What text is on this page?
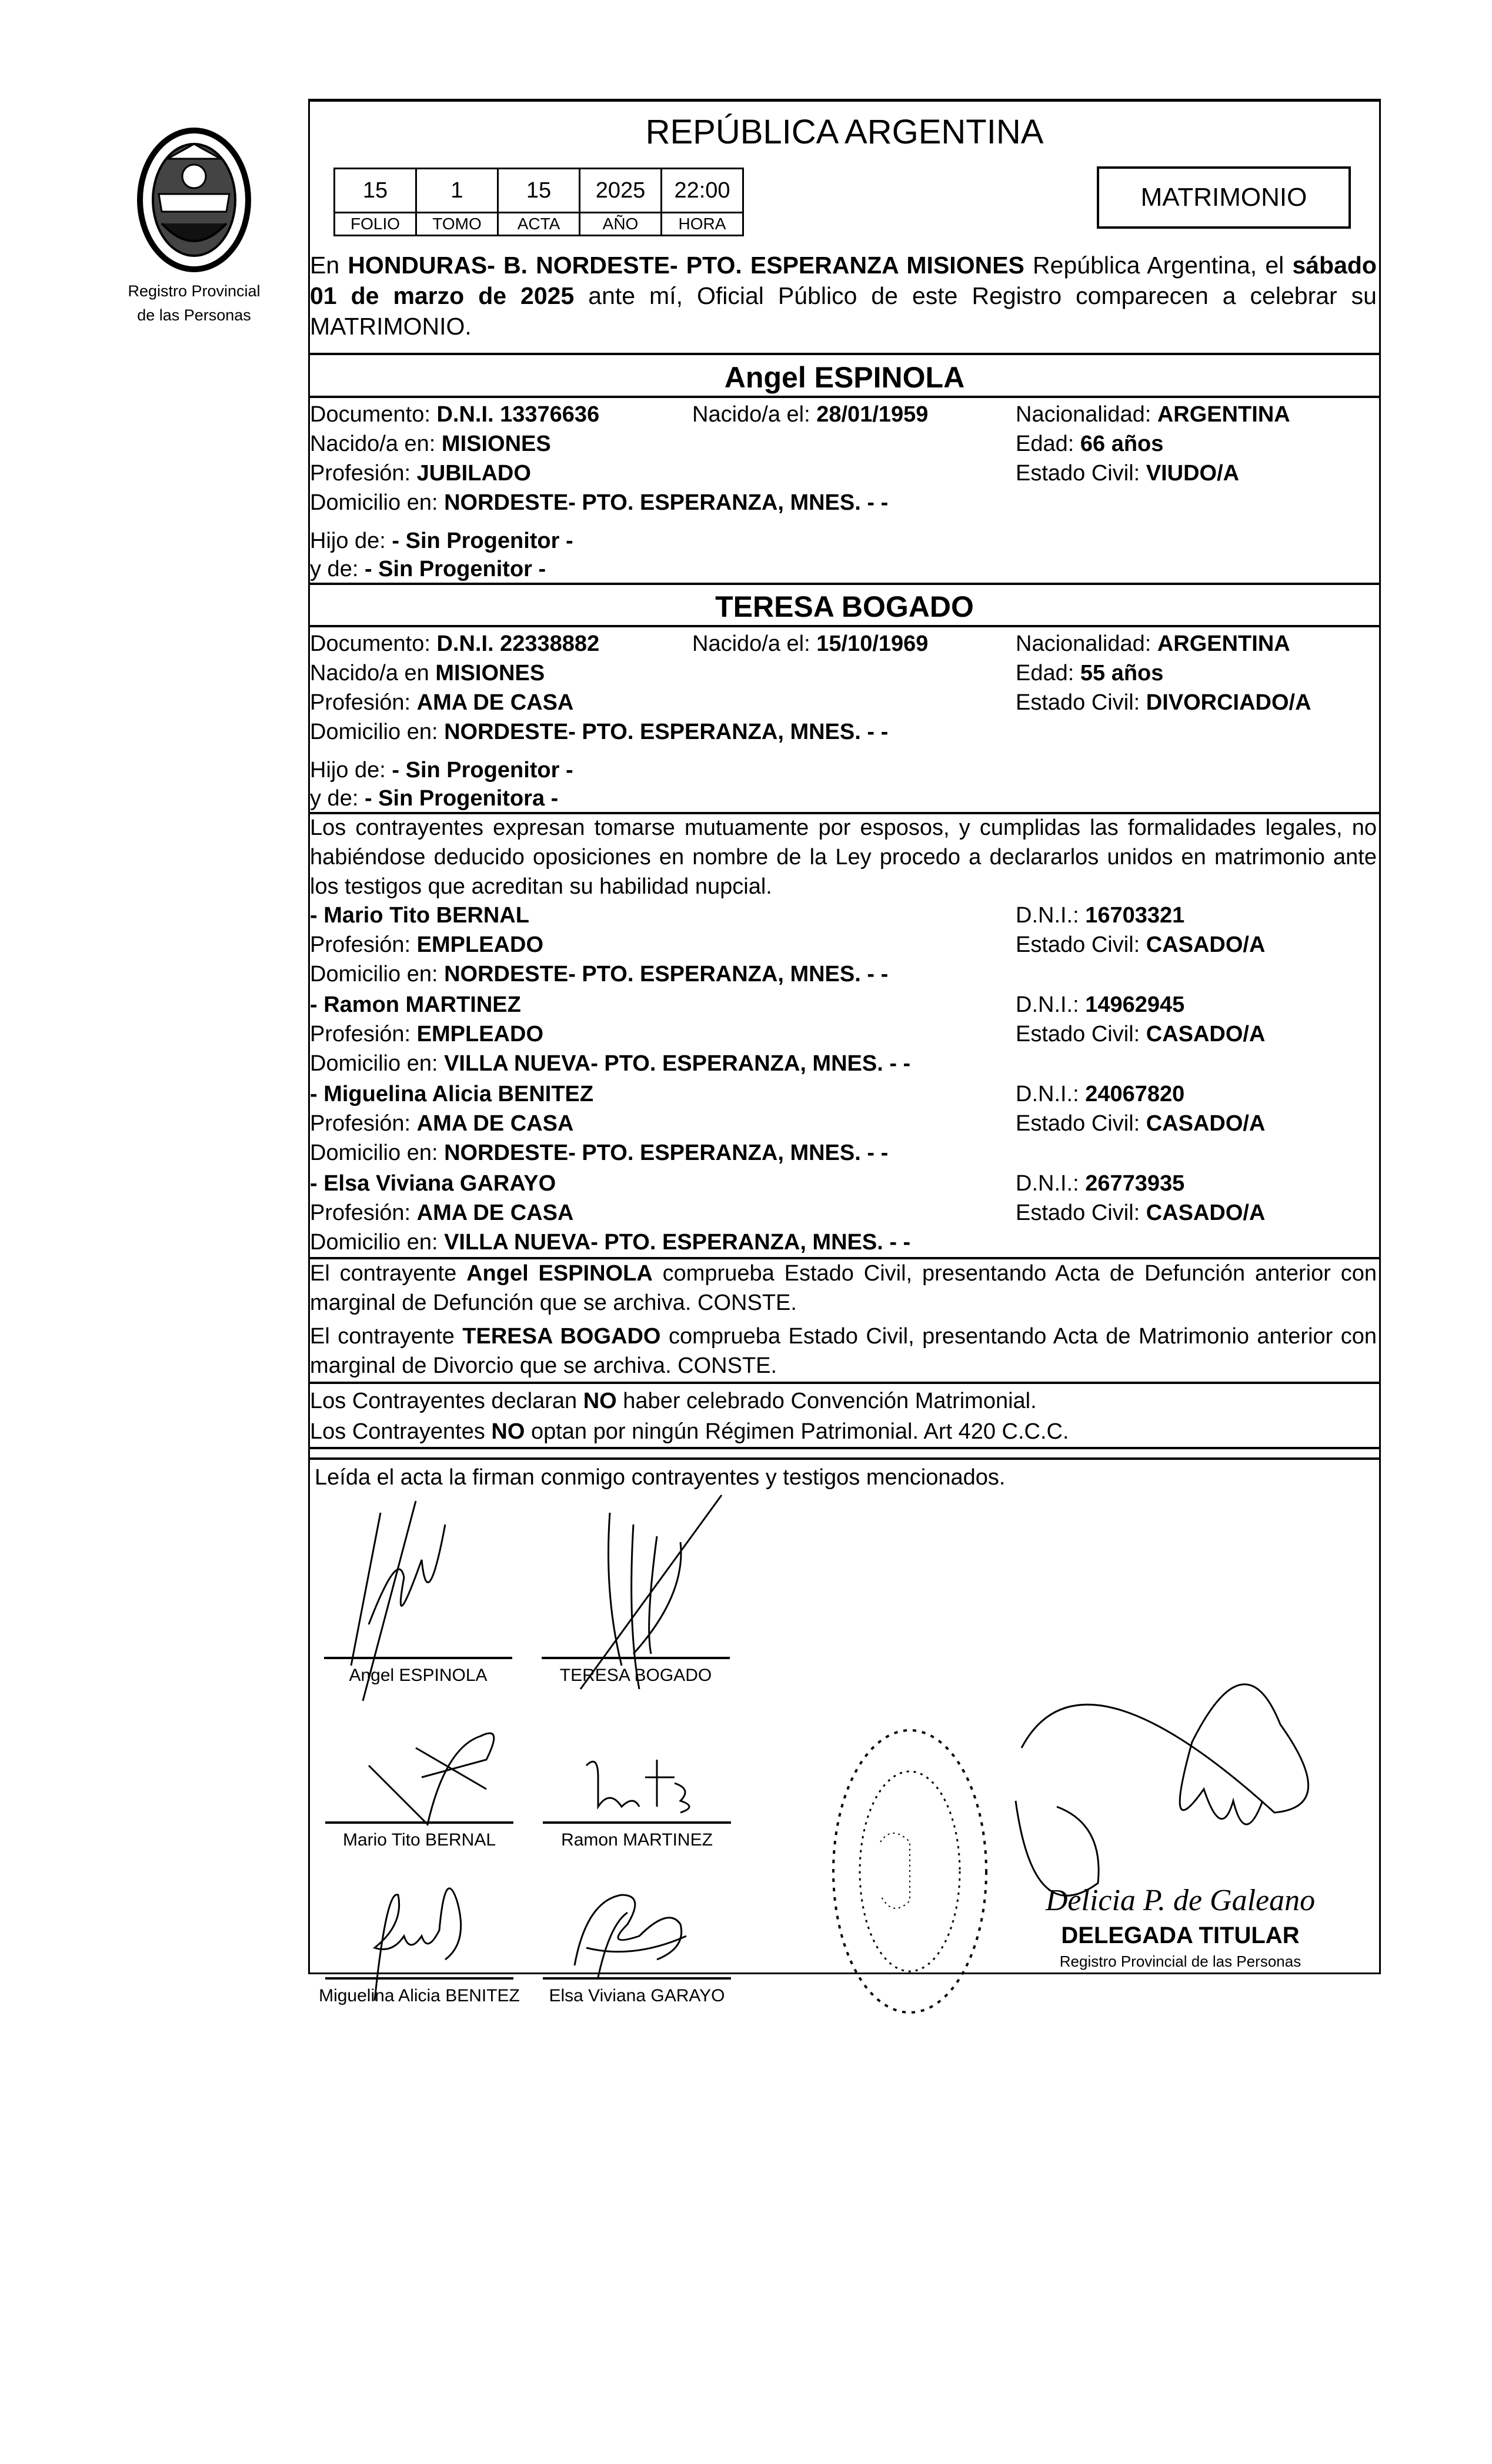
Registro Provincial
de las Personas
REPÚBLICA ARGENTINA
15	1	15	2025	22:00
FOLIO	TOMO	ACTA	AÑO	HORA
MATRIMONIO
En HONDURAS- B. NORDESTE- PTO. ESPERANZA MISIONES República Argentina, el sábado 01 de marzo de 2025 ante mí, Oficial Público de este Registro comparecen a celebrar su MATRIMONIO.
Angel ESPINOLA
Documento: D.N.I. 13376636	Nacido/a el: 28/01/1959	Nacionalidad: ARGENTINA
Nacido/a en: MISIONES	Edad: 66 años
Profesión: JUBILADO	Estado Civil: VIUDO/A
Domicilio en: NORDESTE- PTO. ESPERANZA, MNES. - -
Hijo de: - Sin Progenitor -
y de: - Sin Progenitor -
TERESA BOGADO
Documento: D.N.I. 22338882	Nacido/a el: 15/10/1969	Nacionalidad: ARGENTINA
Nacido/a en MISIONES	Edad: 55 años
Profesión: AMA DE CASA	Estado Civil: DIVORCIADO/A
Domicilio en: NORDESTE- PTO. ESPERANZA, MNES. - -
Hijo de: - Sin Progenitor -
y de: - Sin Progenitora -
Los contrayentes expresan tomarse mutuamente por esposos, y cumplidas las formalidades legales, no habiéndose deducido oposiciones en nombre de la Ley procedo a declararlos unidos en matrimonio ante los testigos que acreditan su habilidad nupcial.
- Mario Tito BERNAL	D.N.I.: 16703321
Profesión: EMPLEADO	Estado Civil: CASADO/A
Domicilio en: NORDESTE- PTO. ESPERANZA, MNES. - -
- Ramon MARTINEZ	D.N.I.: 14962945
Profesión: EMPLEADO	Estado Civil: CASADO/A
Domicilio en: VILLA NUEVA- PTO. ESPERANZA, MNES. - -
- Miguelina Alicia BENITEZ	D.N.I.: 24067820
Profesión: AMA DE CASA	Estado Civil: CASADO/A
Domicilio en: NORDESTE- PTO. ESPERANZA, MNES. - -
- Elsa Viviana GARAYO	D.N.I.: 26773935
Profesión: AMA DE CASA	Estado Civil: CASADO/A
Domicilio en: VILLA NUEVA- PTO. ESPERANZA, MNES. - -
El contrayente Angel ESPINOLA comprueba Estado Civil, presentando Acta de Defunción anterior con marginal de Defunción que se archiva. CONSTE.
El contrayente TERESA BOGADO comprueba Estado Civil, presentando Acta de Matrimonio anterior con marginal de Divorcio que se archiva. CONSTE.
Los Contrayentes declaran NO haber celebrado Convención Matrimonial.
Los Contrayentes NO optan por ningún Régimen Patrimonial. Art 420 C.C.C.
Leída el acta la firman conmigo contrayentes y testigos mencionados.
Angel ESPINOLA	TERESA BOGADO
Mario Tito BERNAL	Ramon MARTINEZ
Miguelina Alicia BENITEZ	Elsa Viviana GARAYO
Delicia P. de Galeano
DELEGADA TITULAR
Registro Provincial de las Personas
